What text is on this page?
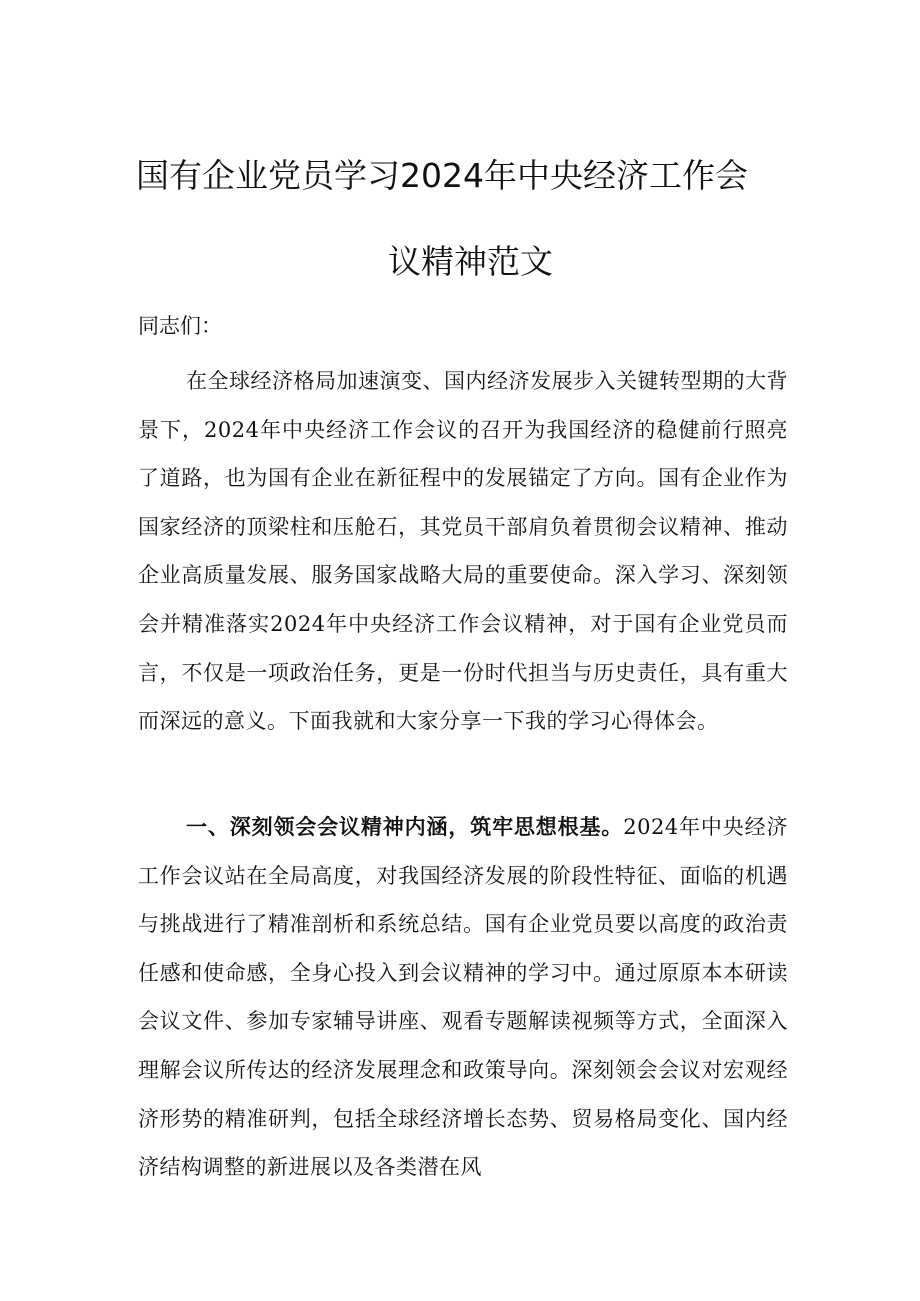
国有企业党员学习2024年中央经济工作会
议精神范文
同志们：

在全球经济格局加速演变、国内经济发展步入关键转型期的大背景下，2024年中央经济工作会议的召开为我国经济的稳健前行照亮了道路，也为国有企业在新征程中的发展锚定了方向。国有企业作为国家经济的顶梁柱和压舱石，其党员干部肩负着贯彻会议精神、推动企业高质量发展、服务国家战略大局的重要使命。深入学习、深刻领会并精准落实2024年中央经济工作会议精神，对于国有企业党员而言，不仅是一项政治任务，更是一份时代担当与历史责任，具有重大而深远的意义。下面我就和大家分享一下我的学习心得体会。

一、深刻领会会议精神内涵，筑牢思想根基。2024年中央经济工作会议站在全局高度，对我国经济发展的阶段性特征、面临的机遇与挑战进行了精准剖析和系统总结。国有企业党员要以高度的政治责任感和使命感，全身心投入到会议精神的学习中。通过原原本本研读会议文件、参加专家辅导讲座、观看专题解读视频等方式，全面深入理解会议所传达的经济发展理念和政策导向。深刻领会会议对宏观经济形势的精准研判，包括全球经济增长态势、贸易格局变化、国内经济结构调整的新进展以及各类潜在风
